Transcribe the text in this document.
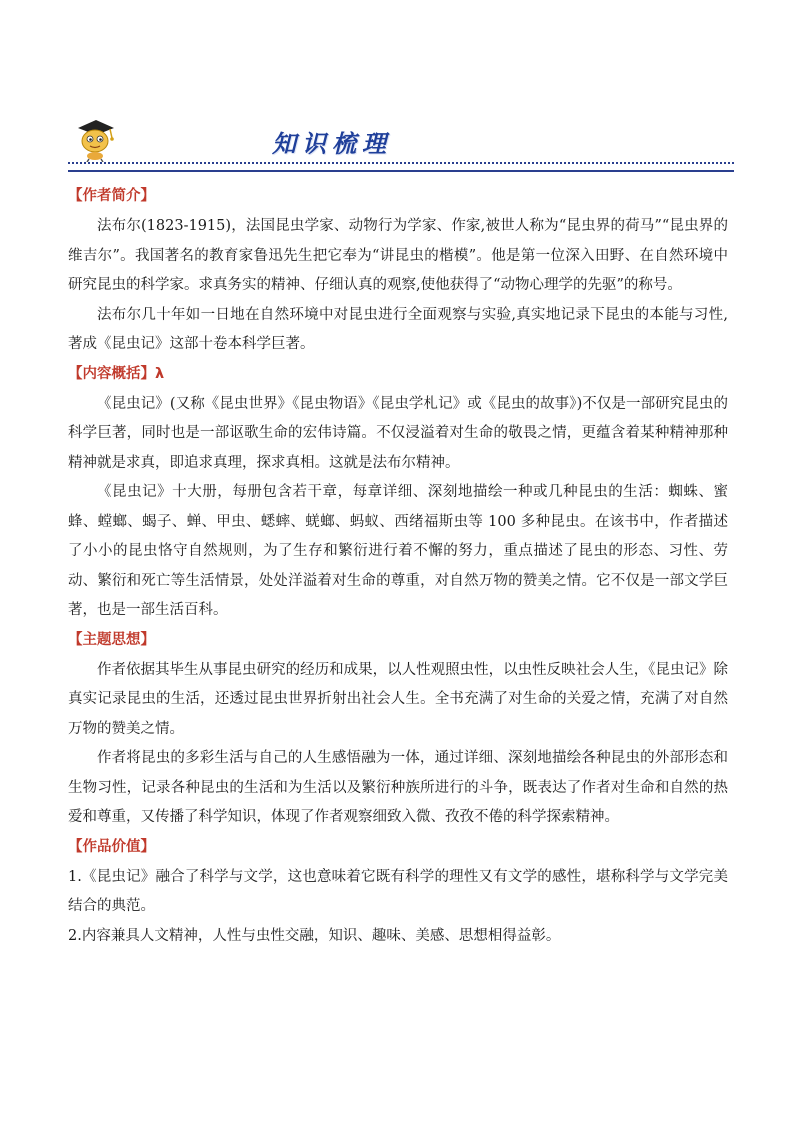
知识梳理
【作者简介】

法布尔(1823-1915)，法国昆虫学家、动物行为学家、作家,被世人称为“昆虫界的荷马”“昆虫界的维吉尔”。我国著名的教育家鲁迅先生把它奉为“讲昆虫的楷模”。他是第一位深入田野、在自然环境中研究昆虫的科学家。求真务实的精神、仔细认真的观察,使他获得了“动物心理学的先驱”的称号。

法布尔几十年如一日地在自然环境中对昆虫进行全面观察与实验,真实地记录下昆虫的本能与习性,著成《昆虫记》这部十卷本科学巨著。

【内容概括】λ

《昆虫记》(又称《昆虫世界》《昆虫物语》《昆虫学札记》或《昆虫的故事》)不仅是一部研究昆虫的科学巨著，同时也是一部讴歌生命的宏伟诗篇。不仅浸溢着对生命的敬畏之情，更蕴含着某种精神那种精神就是求真，即追求真理，探求真相。这就是法布尔精神。

《昆虫记》十大册，每册包含若干章，每章详细、深刻地描绘一种或几种昆虫的生活：蜘蛛、蜜蜂、螳螂、蝎子、蝉、甲虫、蟋蟀、蜣螂、蚂蚁、西绪福斯虫等 100 多种昆虫。在该书中，作者描述了小小的昆虫恪守自然规则，为了生存和繁衍进行着不懈的努力，重点描述了昆虫的形态、习性、劳动、繁衍和死亡等生活情景，处处洋溢着对生命的尊重，对自然万物的赞美之情。它不仅是一部文学巨著，也是一部生活百科。

【主题思想】

作者依据其毕生从事昆虫研究的经历和成果，以人性观照虫性，以虫性反映社会人生，《昆虫记》除真实记录昆虫的生活，还透过昆虫世界折射出社会人生。全书充满了对生命的关爱之情，充满了对自然万物的赞美之情。

作者将昆虫的多彩生活与自己的人生感悟融为一体，通过详细、深刻地描绘各种昆虫的外部形态和生物习性，记录各种昆虫的生活和为生活以及繁衍种族所进行的斗争，既表达了作者对生命和自然的热爱和尊重，又传播了科学知识，体现了作者观察细致入微、孜孜不倦的科学探索精神。

【作品价值】

1.《昆虫记》融合了科学与文学，这也意味着它既有科学的理性又有文学的感性，堪称科学与文学完美结合的典范。

2.内容兼具人文精神，人性与虫性交融，知识、趣味、美感、思想相得益彰。
